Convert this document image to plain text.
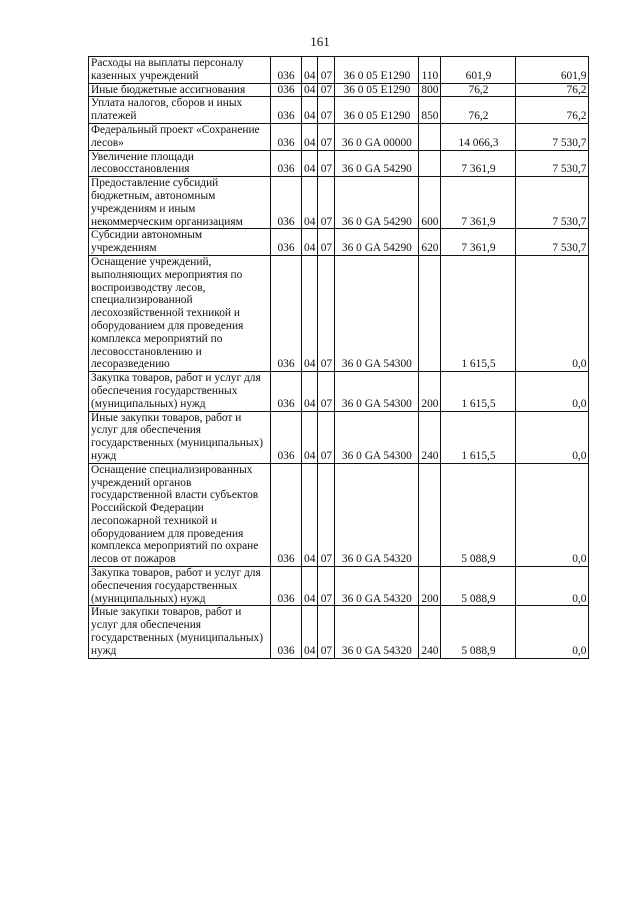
161
Расходы на выплаты персоналу казенных учреждений	036	04	07	36 0 05 Е1290	110	601,9	601,9
Иные бюджетные ассигнования	036	04	07	36 0 05 Е1290	800	76,2	76,2
Уплата налогов, сборов и иных платежей	036	04	07	36 0 05 Е1290	850	76,2	76,2
Федеральный проект «Сохранение лесов»	036	04	07	36 0 GA 00000		14 066,3	7 530,7
Увеличение площади лесовосстановления	036	04	07	36 0 GA 54290		7 361,9	7 530,7
Предоставление субсидий бюджетным, автономным учреждениям и иным некоммерческим организациям	036	04	07	36 0 GA 54290	600	7 361,9	7 530,7
Субсидии автономным учреждениям	036	04	07	36 0 GA 54290	620	7 361,9	7 530,7
Оснащение учреждений, выполняющих мероприятия по воспроизводству лесов, специализированной лесохозяйственной техникой и оборудованием для проведения комплекса мероприятий по лесовосстановлению и лесоразведению	036	04	07	36 0 GA 54300		1 615,5	0,0
Закупка товаров, работ и услуг для обеспечения государственных (муниципальных) нужд	036	04	07	36 0 GA 54300	200	1 615,5	0,0
Иные закупки товаров, работ и услуг для обеспечения государственных (муниципальных) нужд	036	04	07	36 0 GA 54300	240	1 615,5	0,0
Оснащение специализированных учреждений органов государственной власти субъектов Российской Федерации лесопожарной техникой и оборудованием для проведения комплекса мероприятий по охране лесов от пожаров	036	04	07	36 0 GA 54320		5 088,9	0,0
Закупка товаров, работ и услуг для обеспечения государственных (муниципальных) нужд	036	04	07	36 0 GA 54320	200	5 088,9	0,0
Иные закупки товаров, работ и услуг для обеспечения государственных (муниципальных) нужд	036	04	07	36 0 GA 54320	240	5 088,9	0,0
